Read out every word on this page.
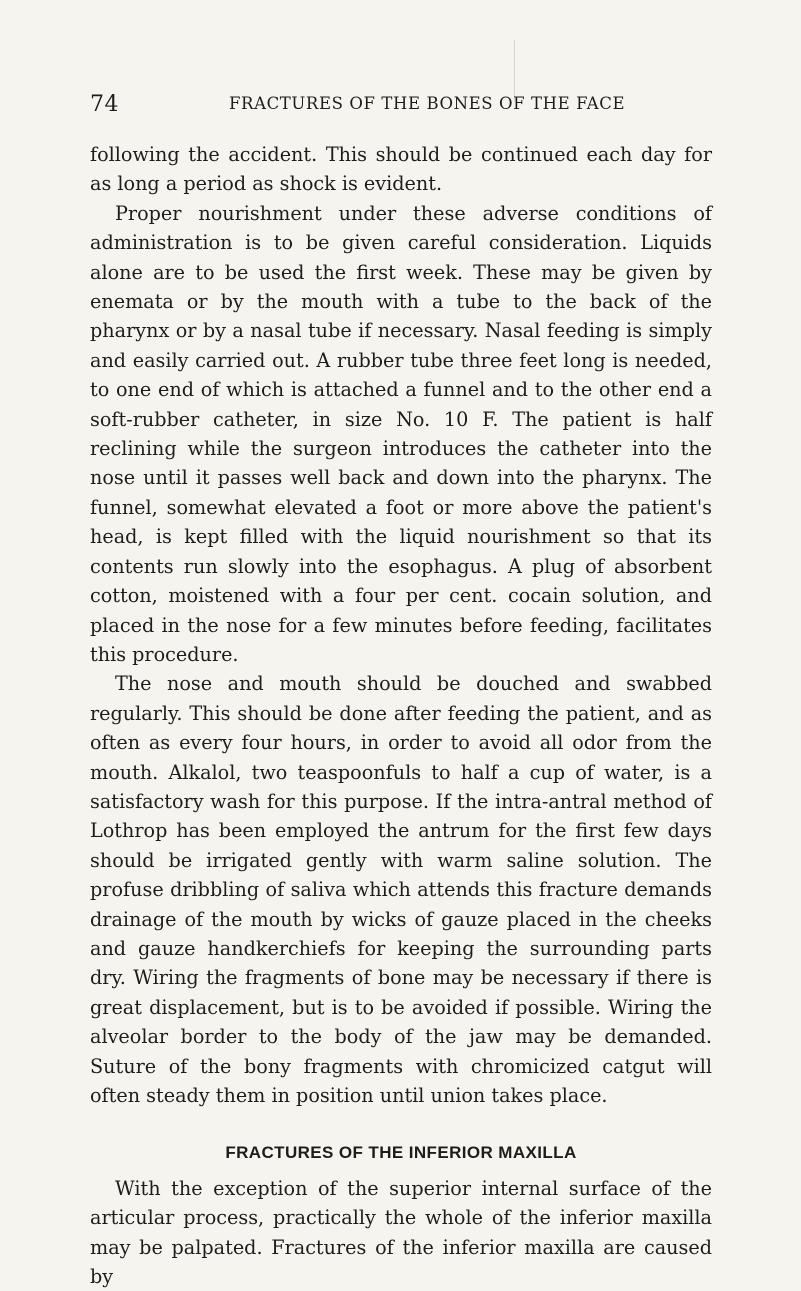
74	FRACTURES OF THE BONES OF THE FACE

following the accident. This should be continued each day for as long a period as shock is evident.

Proper nourishment under these adverse conditions of administration is to be given careful consideration. Liquids alone are to be used the first week. These may be given by enemata or by the mouth with a tube to the back of the pharynx or by a nasal tube if necessary. Nasal feeding is simply and easily carried out. A rubber tube three feet long is needed, to one end of which is attached a funnel and to the other end a soft-rubber catheter, in size No. 10 F. The patient is half reclining while the surgeon introduces the catheter into the nose until it passes well back and down into the pharynx. The funnel, somewhat elevated a foot or more above the patient's head, is kept filled with the liquid nourishment so that its contents run slowly into the esophagus. A plug of absorbent cotton, moistened with a four per cent. cocain solution, and placed in the nose for a few minutes before feeding, facilitates this procedure.

The nose and mouth should be douched and swabbed regularly. This should be done after feeding the patient, and as often as every four hours, in order to avoid all odor from the mouth. Alkalol, two teaspoonfuls to half a cup of water, is a satisfactory wash for this purpose. If the intra-antral method of Lothrop has been employed the antrum for the first few days should be irrigated gently with warm saline solution. The profuse dribbling of saliva which attends this fracture demands drainage of the mouth by wicks of gauze placed in the cheeks and gauze handkerchiefs for keeping the surrounding parts dry. Wiring the fragments of bone may be necessary if there is great displacement, but is to be avoided if possible. Wiring the alveolar border to the body of the jaw may be demanded. Suture of the bony fragments with chromicized catgut will often steady them in position until union takes place.

FRACTURES OF THE INFERIOR MAXILLA

With the exception of the superior internal surface of the articular process, practically the whole of the inferior maxilla may be palpated. Fractures of the inferior maxilla are caused by
